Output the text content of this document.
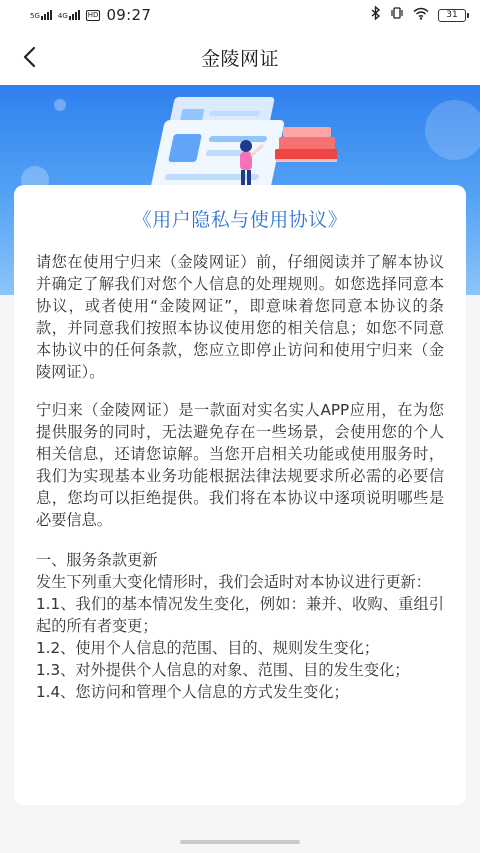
5G	4G	HD 09:27	31
金陵网证
《用户隐私与使用协议》
请您在使用宁归来（金陵网证）前，仔细阅读并了解本协议并确定了解我们对您个人信息的处理规则。如您选择同意本协议，或者使用“金陵网证”，即意味着您同意本协议的条款，并同意我们按照本协议使用您的相关信息；如您不同意本协议中的任何条款，您应立即停止访问和使用宁归来（金陵网证）。
宁归来（金陵网证）是一款面对实名实人APP应用，在为您提供服务的同时，无法避免存在一些场景，会使用您的个人相关信息，还请您谅解。当您开启相关功能或使用服务时，我们为实现基本业务功能根据法律法规要求所必需的必要信息，您均可以拒绝提供。我们将在本协议中逐项说明哪些是必要信息。
一、服务条款更新
发生下列重大变化情形时，我们会适时对本协议进行更新：
1.1、我们的基本情况发生变化，例如：兼并、收购、重组引起的所有者变更；
1.2、使用个人信息的范围、目的、规则发生变化；
1.3、对外提供个人信息的对象、范围、目的发生变化；
1.4、您访问和管理个人信息的方式发生变化；
